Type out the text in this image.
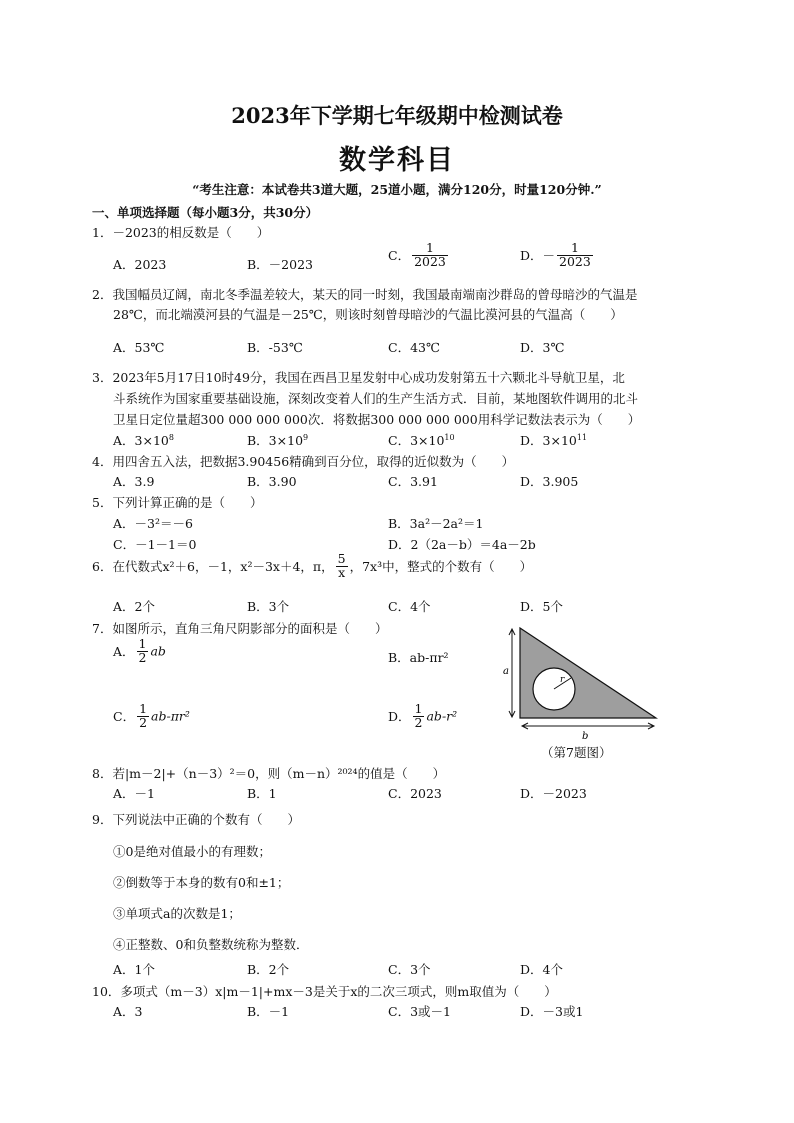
2023年下学期七年级期中检测试卷
数学科目
“考生注意：本试卷共3道大题，25道小题，满分120分，时量120分钟.”
一、单项选择题（每小题3分，共30分）
1．－2023的相反数是（　　）
A．2023	B．－2023
C． $\frac{1}{2023}$	D．－ $\frac{1}{2023}$
2．我国幅员辽阔，南北冬季温差较大，某天的同一时刻，我国最南端南沙群岛的曾母暗沙的气温是
28℃，而北端漠河县的气温是－25℃，则该时刻曾母暗沙的气温比漠河县的气温高（　　）
A．53℃	B．-53℃	C．43℃	D．3℃
3．2023年5月17日10时49分，我国在西昌卫星发射中心成功发射第五十六颗北斗导航卫星，北
斗系统作为国家重要基础设施，深刻改变着人们的生产生活方式．目前，某地图软件调用的北斗
卫星日定位量超300 000 000 000次．将数据300 000 000 000用科学记数法表示为（　　）
A．$3\times 10^8$	B．$3\times 10^9$	C．$3\times 10^{10}$	D．$3\times 10^{11}$
4．用四舍五入法，把数据3.90456精确到百分位，取得的近似数为（　　）
A．3.9	B．3.90	C．3.91	D．3.905
5．下列计算正确的是（　　）
A．－3²＝－6	B．3a²－2a²＝1
C．－1－1＝0	D．2（2a－b）＝4a－2b
6．在代数式x²＋6，－1，x²－3x＋4，π， $\frac{5}{x}$ ，7x³中，整式的个数有（　　）
A．2个	B．3个	C．4个	D．5个
7．如图所示，直角三角尺阴影部分的面积是（　　）
A． $\frac{1}{2}$ ab	B．ab-πr²
C． $\frac{1}{2} ab-\pi r^2$	D． $\frac{1}{2} ab-r^2$
r
a
b
（第7题图）
8．若|m－2|+（n－3）²＝0，则（m－n）²⁰²⁴的值是（　　）
A．－1	B．1	C．2023	D．－2023
9．下列说法中正确的个数有（　　）
①0是绝对值最小的有理数；
②倒数等于本身的数有0和±1；
③单项式a的次数是1；
④正整数、0和负整数统称为整数．
A．1个	B．2个	C．3个	D．4个
10．多项式（m－3）x|m－1|+mx－3是关于x的二次三项式，则m取值为（　　）
A．3	B．－1	C．3或－1	D．－3或1
